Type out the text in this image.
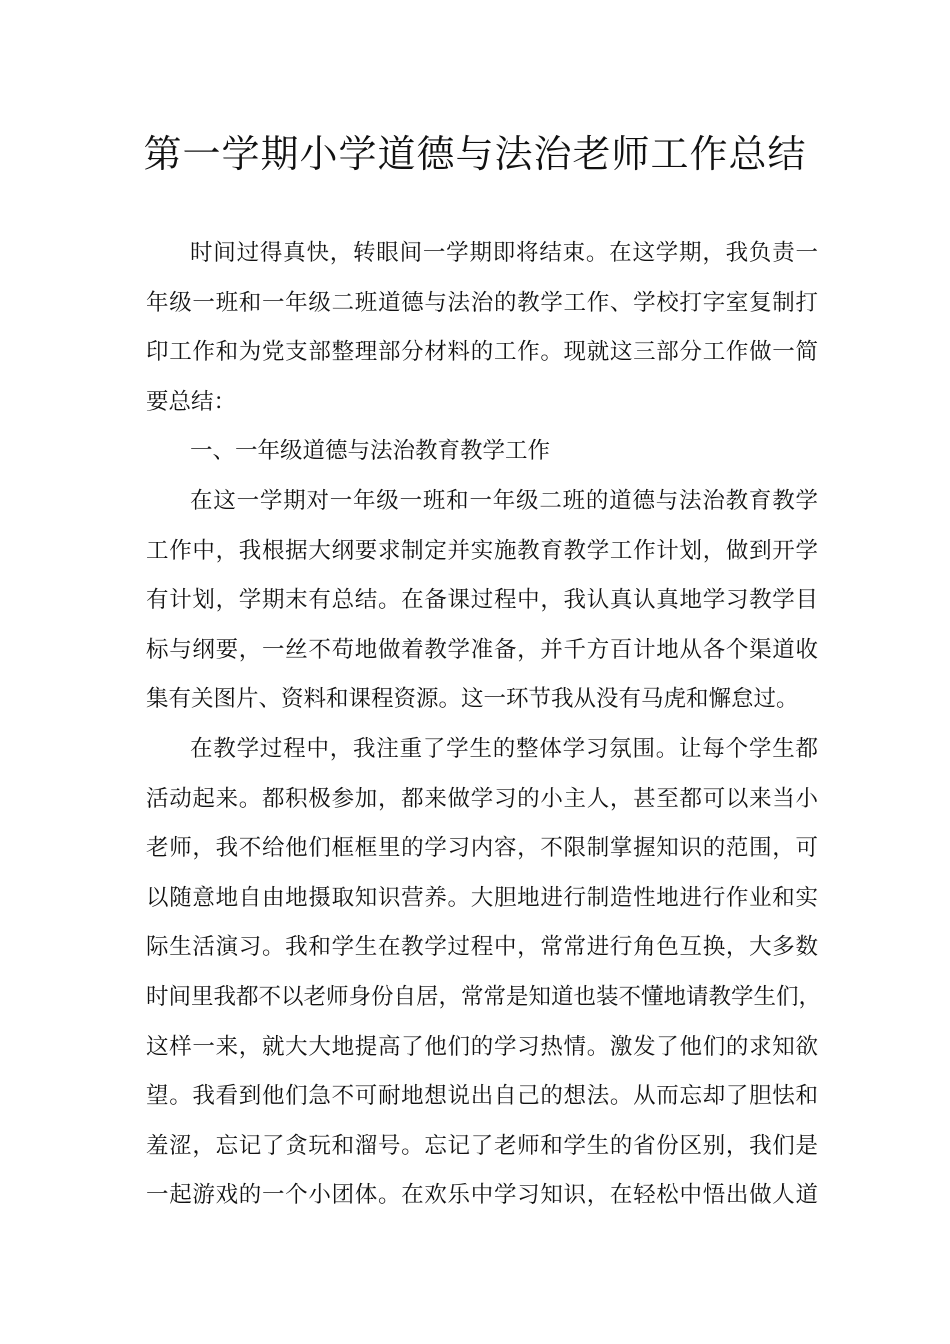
第一学期小学道德与法治老师工作总结
时间过得真快，转眼间一学期即将结束。在这学期，我负责一
年级一班和一年级二班道德与法治的教学工作、学校打字室复制打
印工作和为党支部整理部分材料的工作。现就这三部分工作做一简
要总结：
一、一年级道德与法治教育教学工作
在这一学期对一年级一班和一年级二班的道德与法治教育教学
工作中，我根据大纲要求制定并实施教育教学工作计划，做到开学
有计划，学期末有总结。在备课过程中，我认真认真地学习教学目
标与纲要，一丝不苟地做着教学准备，并千方百计地从各个渠道收
集有关图片、资料和课程资源。这一环节我从没有马虎和懈怠过。
在教学过程中，我注重了学生的整体学习氛围。让每个学生都
活动起来。都积极参加，都来做学习的小主人，甚至都可以来当小
老师，我不给他们框框里的学习内容，不限制掌握知识的范围，可
以随意地自由地摄取知识营养。大胆地进行制造性地进行作业和实
际生活演习。我和学生在教学过程中，常常进行角色互换，大多数
时间里我都不以老师身份自居，常常是知道也装不懂地请教学生们，
这样一来，就大大地提高了他们的学习热情。激发了他们的求知欲
望。我看到他们急不可耐地想说出自己的想法。从而忘却了胆怯和
羞涩，忘记了贪玩和溜号。忘记了老师和学生的省份区别，我们是
一起游戏的一个小团体。在欢乐中学习知识，在轻松中悟出做人道
